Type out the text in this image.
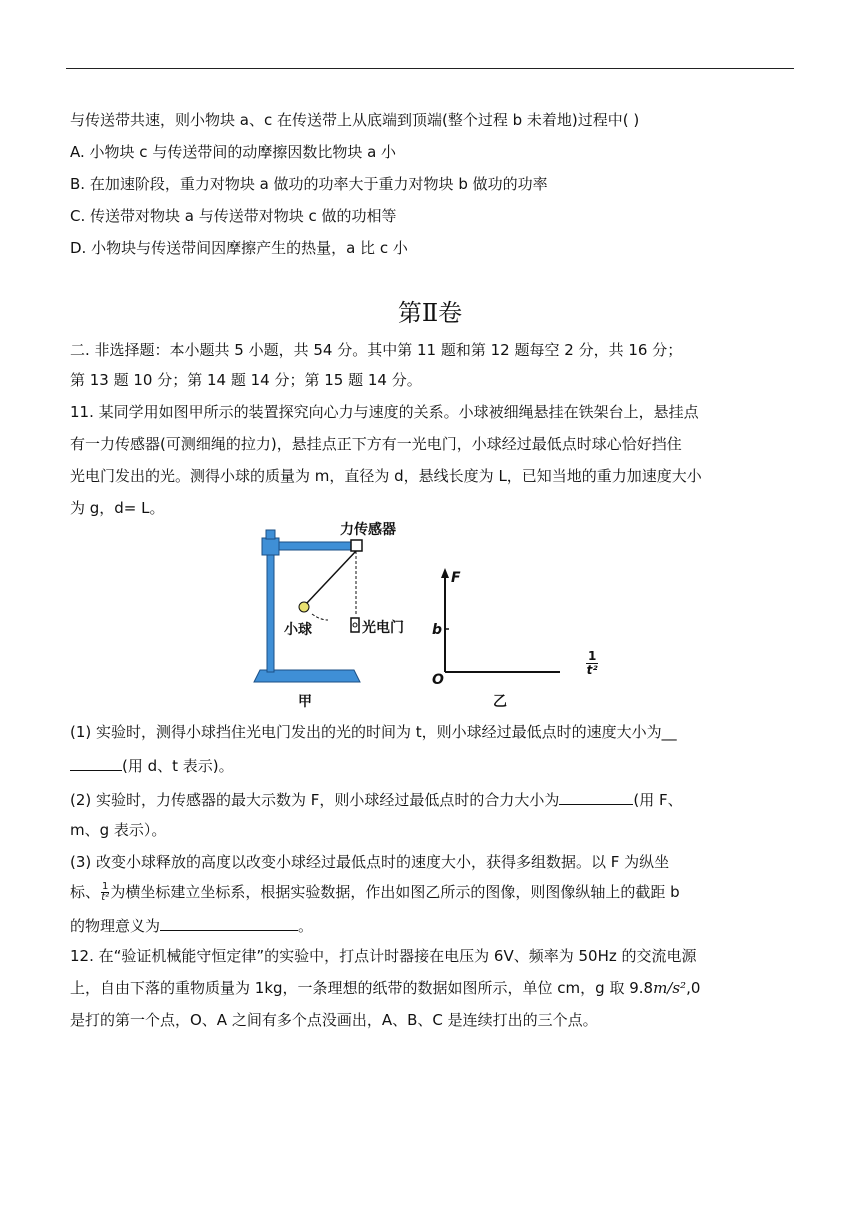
与传送带共速，则小物块 a、c 在传送带上从底端到顶端(整个过程 b 未着地)过程中( )
A. 小物块 c 与传送带间的动摩擦因数比物块 a 小
B. 在加速阶段，重力对物块 a 做功的功率大于重力对物块 b 做功的功率
C. 传送带对物块 a 与传送带对物块 c 做的功相等
D. 小物块与传送带间因摩擦产生的热量，a 比 c 小
第Ⅱ卷
二. 非选择题：本小题共 5 小题，共 54 分。其中第 11 题和第 12 题每空 2 分，共 16 分；
第 13 题 10 分；第 14 题 14 分；第 15 题 14 分。
11. 某同学用如图甲所示的装置探究向心力与速度的关系。小球被细绳悬挂在铁架台上，悬挂点
有一力传感器(可测细绳的拉力)，悬挂点正下方有一光电门，小球经过最低点时球心恰好挡住
光电门发出的光。测得小球的质量为 m，直径为 d，悬线长度为 L，已知当地的重力加速度大小
为 g，d= L。
力传感器
小球	光电门
甲
F
b
O
乙
$\frac{1}{\text{t²}}$
(1) 实验时，测得小球挡住光电门发出的光的时间为 t，则小球经过最低点时的速度大小为__
(用 d、t 表示)。
(2) 实验时，力传感器的最大示数为 F，则小球经过最低点时的合力大小为	(用 F、
m、g 表示）。
(3) 改变小球释放的高度以改变小球经过最低点时的速度大小，获得多组数据。以 F 为纵坐
标、 $\frac{1}{\text{t²}}$ 为横坐标建立坐标系，根据实验数据，作出如图乙所示的图像，则图像纵轴上的截距 b
的物理意义为	。
12. 在“验证机械能守恒定律”的实验中，打点计时器接在电压为 6V、频率为 50Hz 的交流电源
上，自由下落的重物质量为 1kg，一条理想的纸带的数据如图所示，单位 cm，g 取 9.8m/s²,0
是打的第一个点，O、A 之间有多个点没画出，A、B、C 是连续打出的三个点。
